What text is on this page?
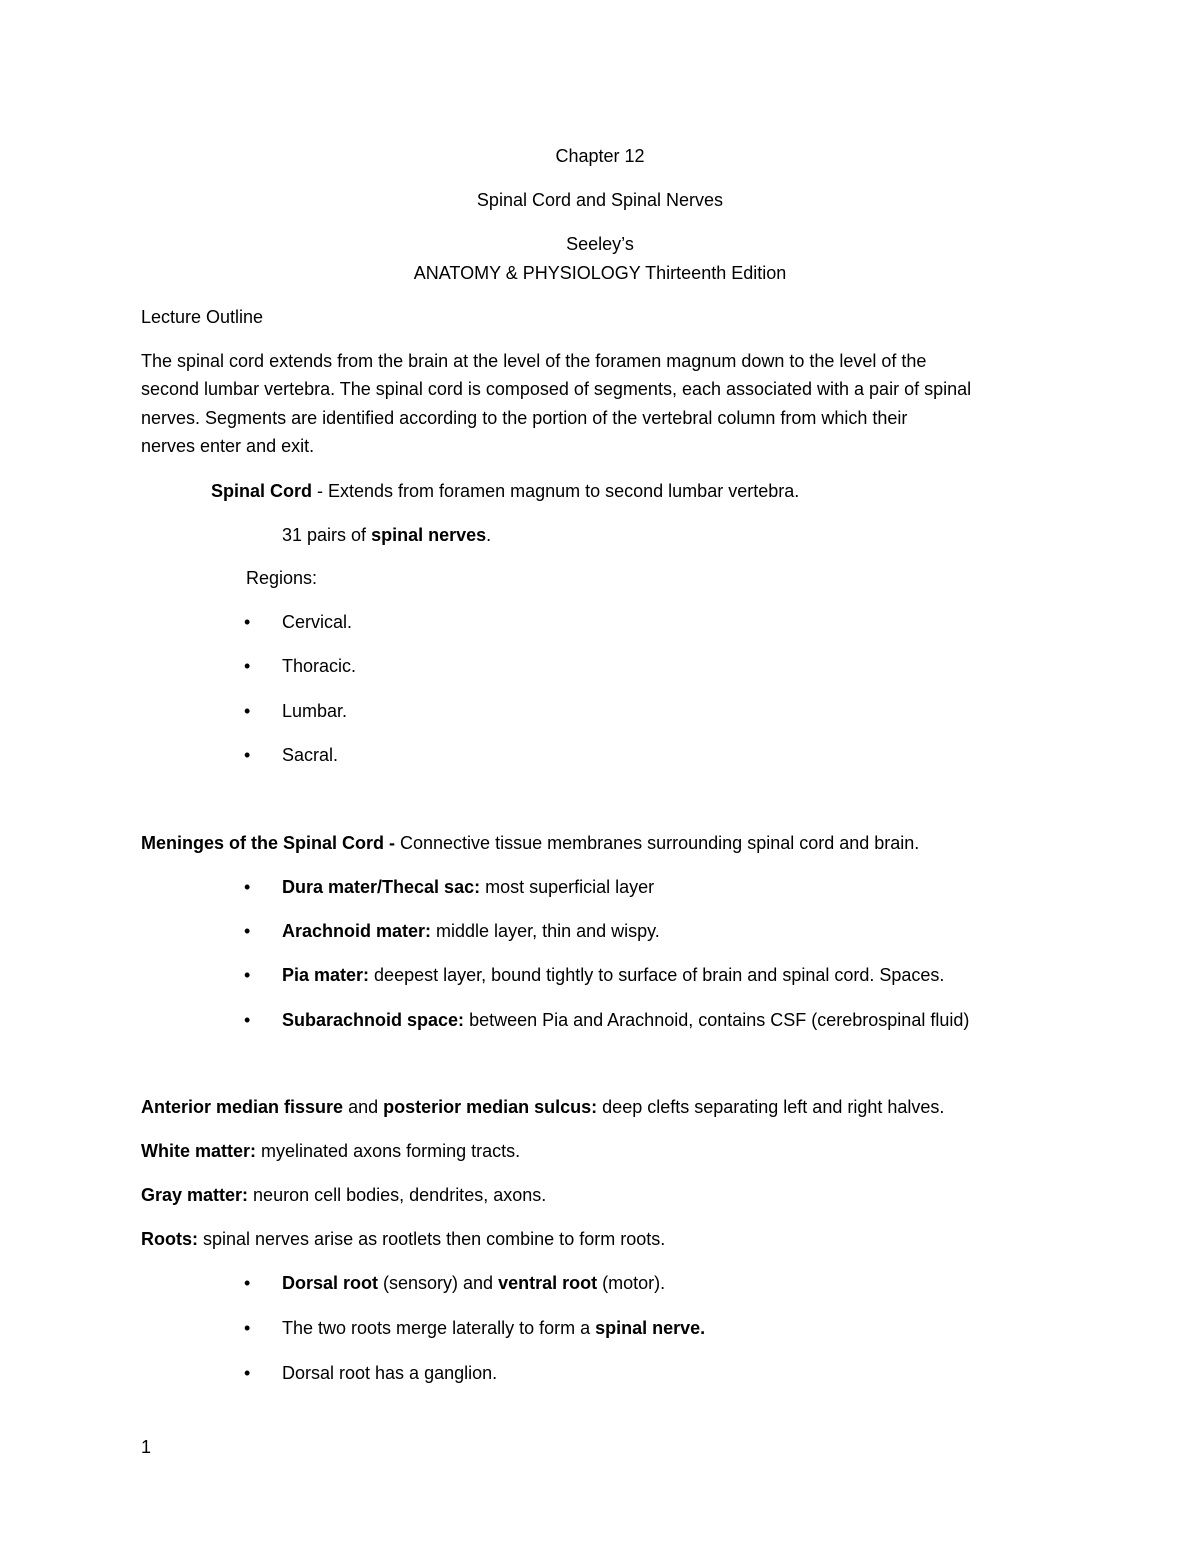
Chapter 12
Spinal Cord and Spinal Nerves
Seeley’s
ANATOMY & PHYSIOLOGY Thirteenth Edition
Lecture Outline
The spinal cord extends from the brain at the level of the foramen magnum down to the level of the
second lumbar vertebra. The spinal cord is composed of segments, each associated with a pair of spinal
nerves. Segments are identified according to the portion of the vertebral column from which their
nerves enter and exit.
Spinal Cord - Extends from foramen magnum to second lumbar vertebra.
31 pairs of spinal nerves.
Regions:
• Cervical.
• Thoracic.
• Lumbar.
• Sacral.
Meninges of the Spinal Cord - Connective tissue membranes surrounding spinal cord and brain.
• Dura mater/Thecal sac: most superficial layer
• Arachnoid mater: middle layer, thin and wispy.
• Pia mater: deepest layer, bound tightly to surface of brain and spinal cord. Spaces.
• Subarachnoid space: between Pia and Arachnoid, contains CSF (cerebrospinal fluid)
Anterior median fissure and posterior median sulcus: deep clefts separating left and right halves.
White matter: myelinated axons forming tracts.
Gray matter: neuron cell bodies, dendrites, axons.
Roots: spinal nerves arise as rootlets then combine to form roots.
• Dorsal root (sensory) and ventral root (motor).
• The two roots merge laterally to form a spinal nerve.
• Dorsal root has a ganglion.
1
